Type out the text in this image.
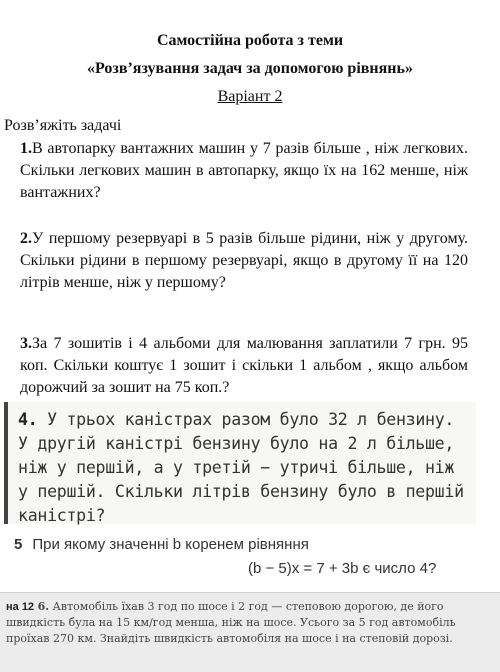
Самостійна робота з теми
«Розв’язування задач за допомогою рівнянь»
Варіант 2
Розв’яжіть задачі
1.В автопарку вантажних машин у 7 разів більше , ніж легкових. Скільки легкових машин в автопарку, якщо їх на 162 менше, ніж вантажних?
2.У першому резервуарі в 5 разів більше рідини, ніж у другому. Скільки рідини в першому резервуарі, якщо в другому її на 120 літрів менше, ніж у першому?
3.За 7 зошитів і 4 альбоми для малювання заплатили 7 грн. 95 коп. Скільки коштує 1 зошит і скільки 1 альбом , якщо альбом дорожчий за зошит на 75 коп.?
4. У трьох каністрах разом було 32 л бензину. У другій каністрі бензину було на 2 л більше, ніж у першій, а у третій − утричі більше, ніж у першій. Скільки літрів бензину було в першій каністрі?
5 При якому значенні b коренем рівняння
(b − 5)x = 7 + 3b є число 4?
на 12 6. Автомобіль їхав 3 год по шосе і 2 год — степовою дорогою, де його швидкість була на 15 км/год менша, ніж на шосе. Усього за 5 год автомобіль проїхав 270 км. Знайдіть швидкість автомобіля на шосе і на степовій дорозі.
